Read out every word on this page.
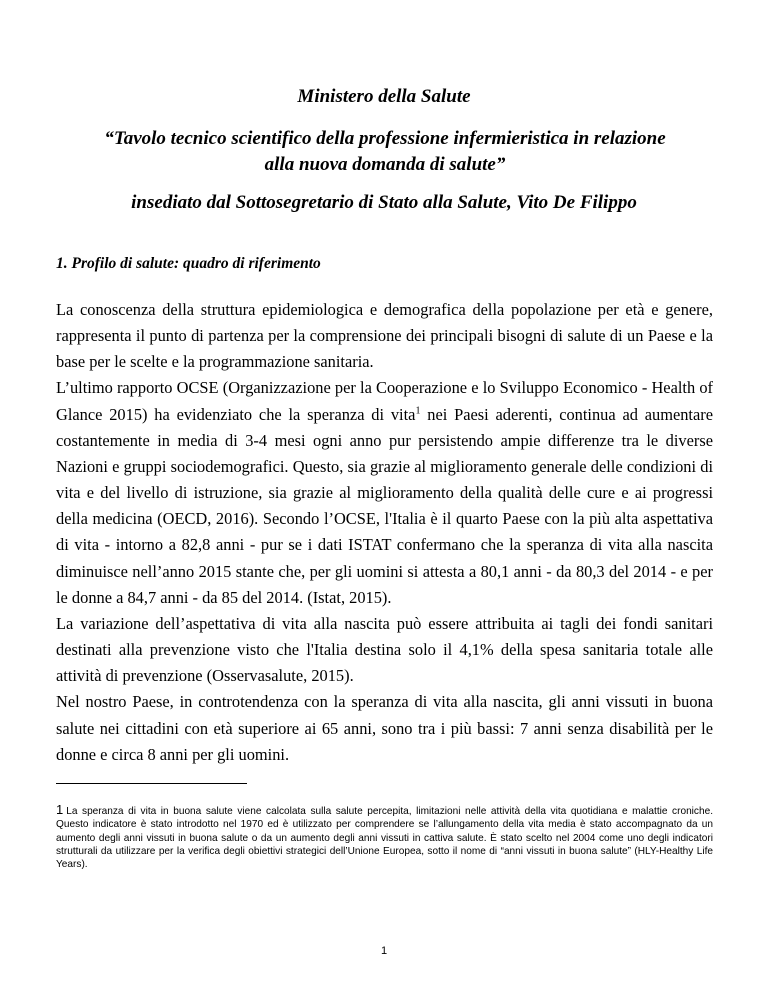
Ministero della Salute

“Tavolo tecnico scientifico della professione infermieristica in relazione alla nuova domanda di salute”

insediato dal Sottosegretario di Stato alla Salute, Vito De Filippo

1. Profilo di salute: quadro di riferimento

La conoscenza della struttura epidemiologica e demografica della popolazione per età e genere, rappresenta il punto di partenza per la comprensione dei principali bisogni di salute di un Paese e la base per le scelte e la programmazione sanitaria.
L’ultimo rapporto OCSE (Organizzazione per la Cooperazione e lo Sviluppo Economico - Health of Glance 2015) ha evidenziato che la speranza di vita$^1$ nei Paesi aderenti, continua ad aumentare costantemente in media di 3-4 mesi ogni anno pur persistendo ampie differenze tra le diverse Nazioni e gruppi sociodemografici. Questo, sia grazie al miglioramento generale delle condizioni di vita e del livello di istruzione, sia grazie al miglioramento della qualità delle cure e ai progressi della medicina (OECD, 2016). Secondo l’OCSE, l'Italia è il quarto Paese con la più alta aspettativa di vita - intorno a 82,8 anni - pur se i dati ISTAT confermano che la speranza di vita alla nascita diminuisce nell’anno 2015 stante che, per gli uomini si attesta a 80,1 anni - da 80,3 del 2014 - e per le donne a 84,7 anni - da 85 del 2014. (Istat, 2015).
La variazione dell’aspettativa di vita alla nascita può essere attribuita ai tagli dei fondi sanitari destinati alla prevenzione visto che l'Italia destina solo il 4,1% della spesa sanitaria totale alle attività di prevenzione (Osservasalute, 2015).
Nel nostro Paese, in controtendenza con la speranza di vita alla nascita, gli anni vissuti in buona salute nei cittadini con età superiore ai 65 anni, sono tra i più bassi: 7 anni senza disabilità per le donne e circa 8 anni per gli uomini.

1 La speranza di vita in buona salute viene calcolata sulla salute percepita, limitazioni nelle attività della vita quotidiana e malattie croniche. Questo indicatore è stato introdotto nel 1970 ed è utilizzato per comprendere se l’allungamento della vita media è stato accompagnato da un aumento degli anni vissuti in buona salute o da un aumento degli anni vissuti in cattiva salute. È stato scelto nel 2004 come uno degli indicatori strutturali da utilizzare per la verifica degli obiettivi strategici dell’Unione Europea, sotto il nome di “anni vissuti in buona salute” (HLY-Healthy Life Years).

1
